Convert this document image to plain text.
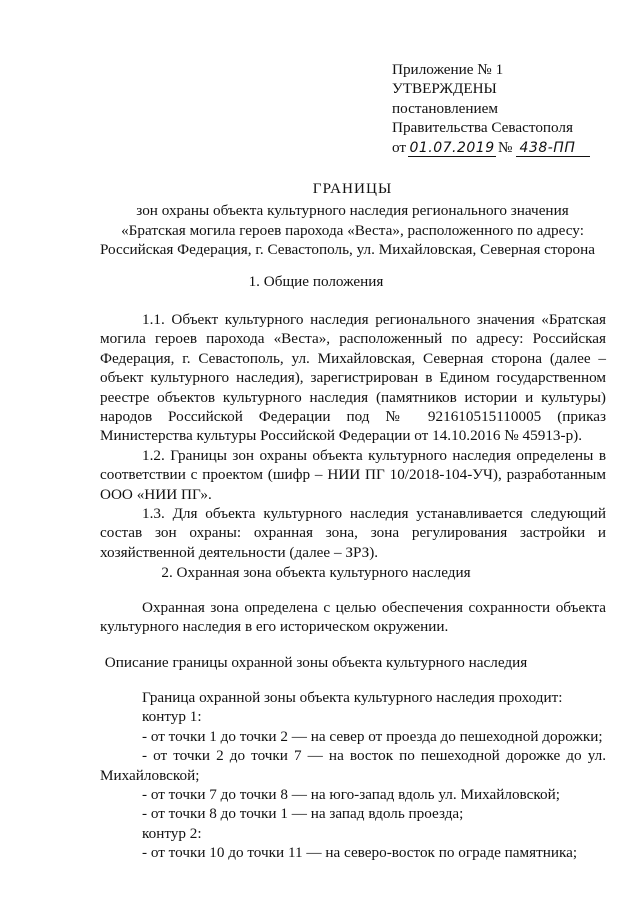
Приложение № 1
УТВЕРЖДЕНЫ
постановлением
Правительства Севастополя
от 01.07.2019 № 438-ПП
ГРАНИЦЫ
зон охраны объекта культурного наследия регионального значения
«Братская могила героев парохода «Веста», расположенного по адресу:
Российская Федерация, г. Севастополь, ул. Михайловская, Северная сторона
1. Общие положения
1.1. Объект культурного наследия регионального значения «Братская могила героев парохода «Веста», расположенный по адресу: Российская Федерация, г. Севастополь, ул. Михайловская, Северная сторона (далее – объект культурного наследия), зарегистрирован в Едином государственном реестре объектов культурного наследия (памятников истории и культуры) народов Российской Федерации под № 921610515110005 (приказ Министерства культуры Российской Федерации от 14.10.2016 № 45913-р).
1.2. Границы зон охраны объекта культурного наследия определены в соответствии с проектом (шифр – НИИ ПГ 10/2018-104-УЧ), разработанным ООО «НИИ ПГ».
1.3. Для объекта культурного наследия устанавливается следующий состав зон охраны: охранная зона, зона регулирования застройки и хозяйственной деятельности (далее – ЗРЗ).
2. Охранная зона объекта культурного наследия
Охранная зона определена с целью обеспечения сохранности объекта культурного наследия в его историческом окружении.
Описание границы охранной зоны объекта культурного наследия
Граница охранной зоны объекта культурного наследия проходит:
контур 1:
- от точки 1 до точки 2 — на север от проезда до пешеходной дорожки;
- от точки 2 до точки 7 — на восток по пешеходной дорожке до ул. Михайловской;
- от точки 7 до точки 8 — на юго-запад вдоль ул. Михайловской;
- от точки 8 до точки 1 — на запад вдоль проезда;
контур 2:
- от точки 10 до точки 11 — на северо-восток по ограде памятника;
